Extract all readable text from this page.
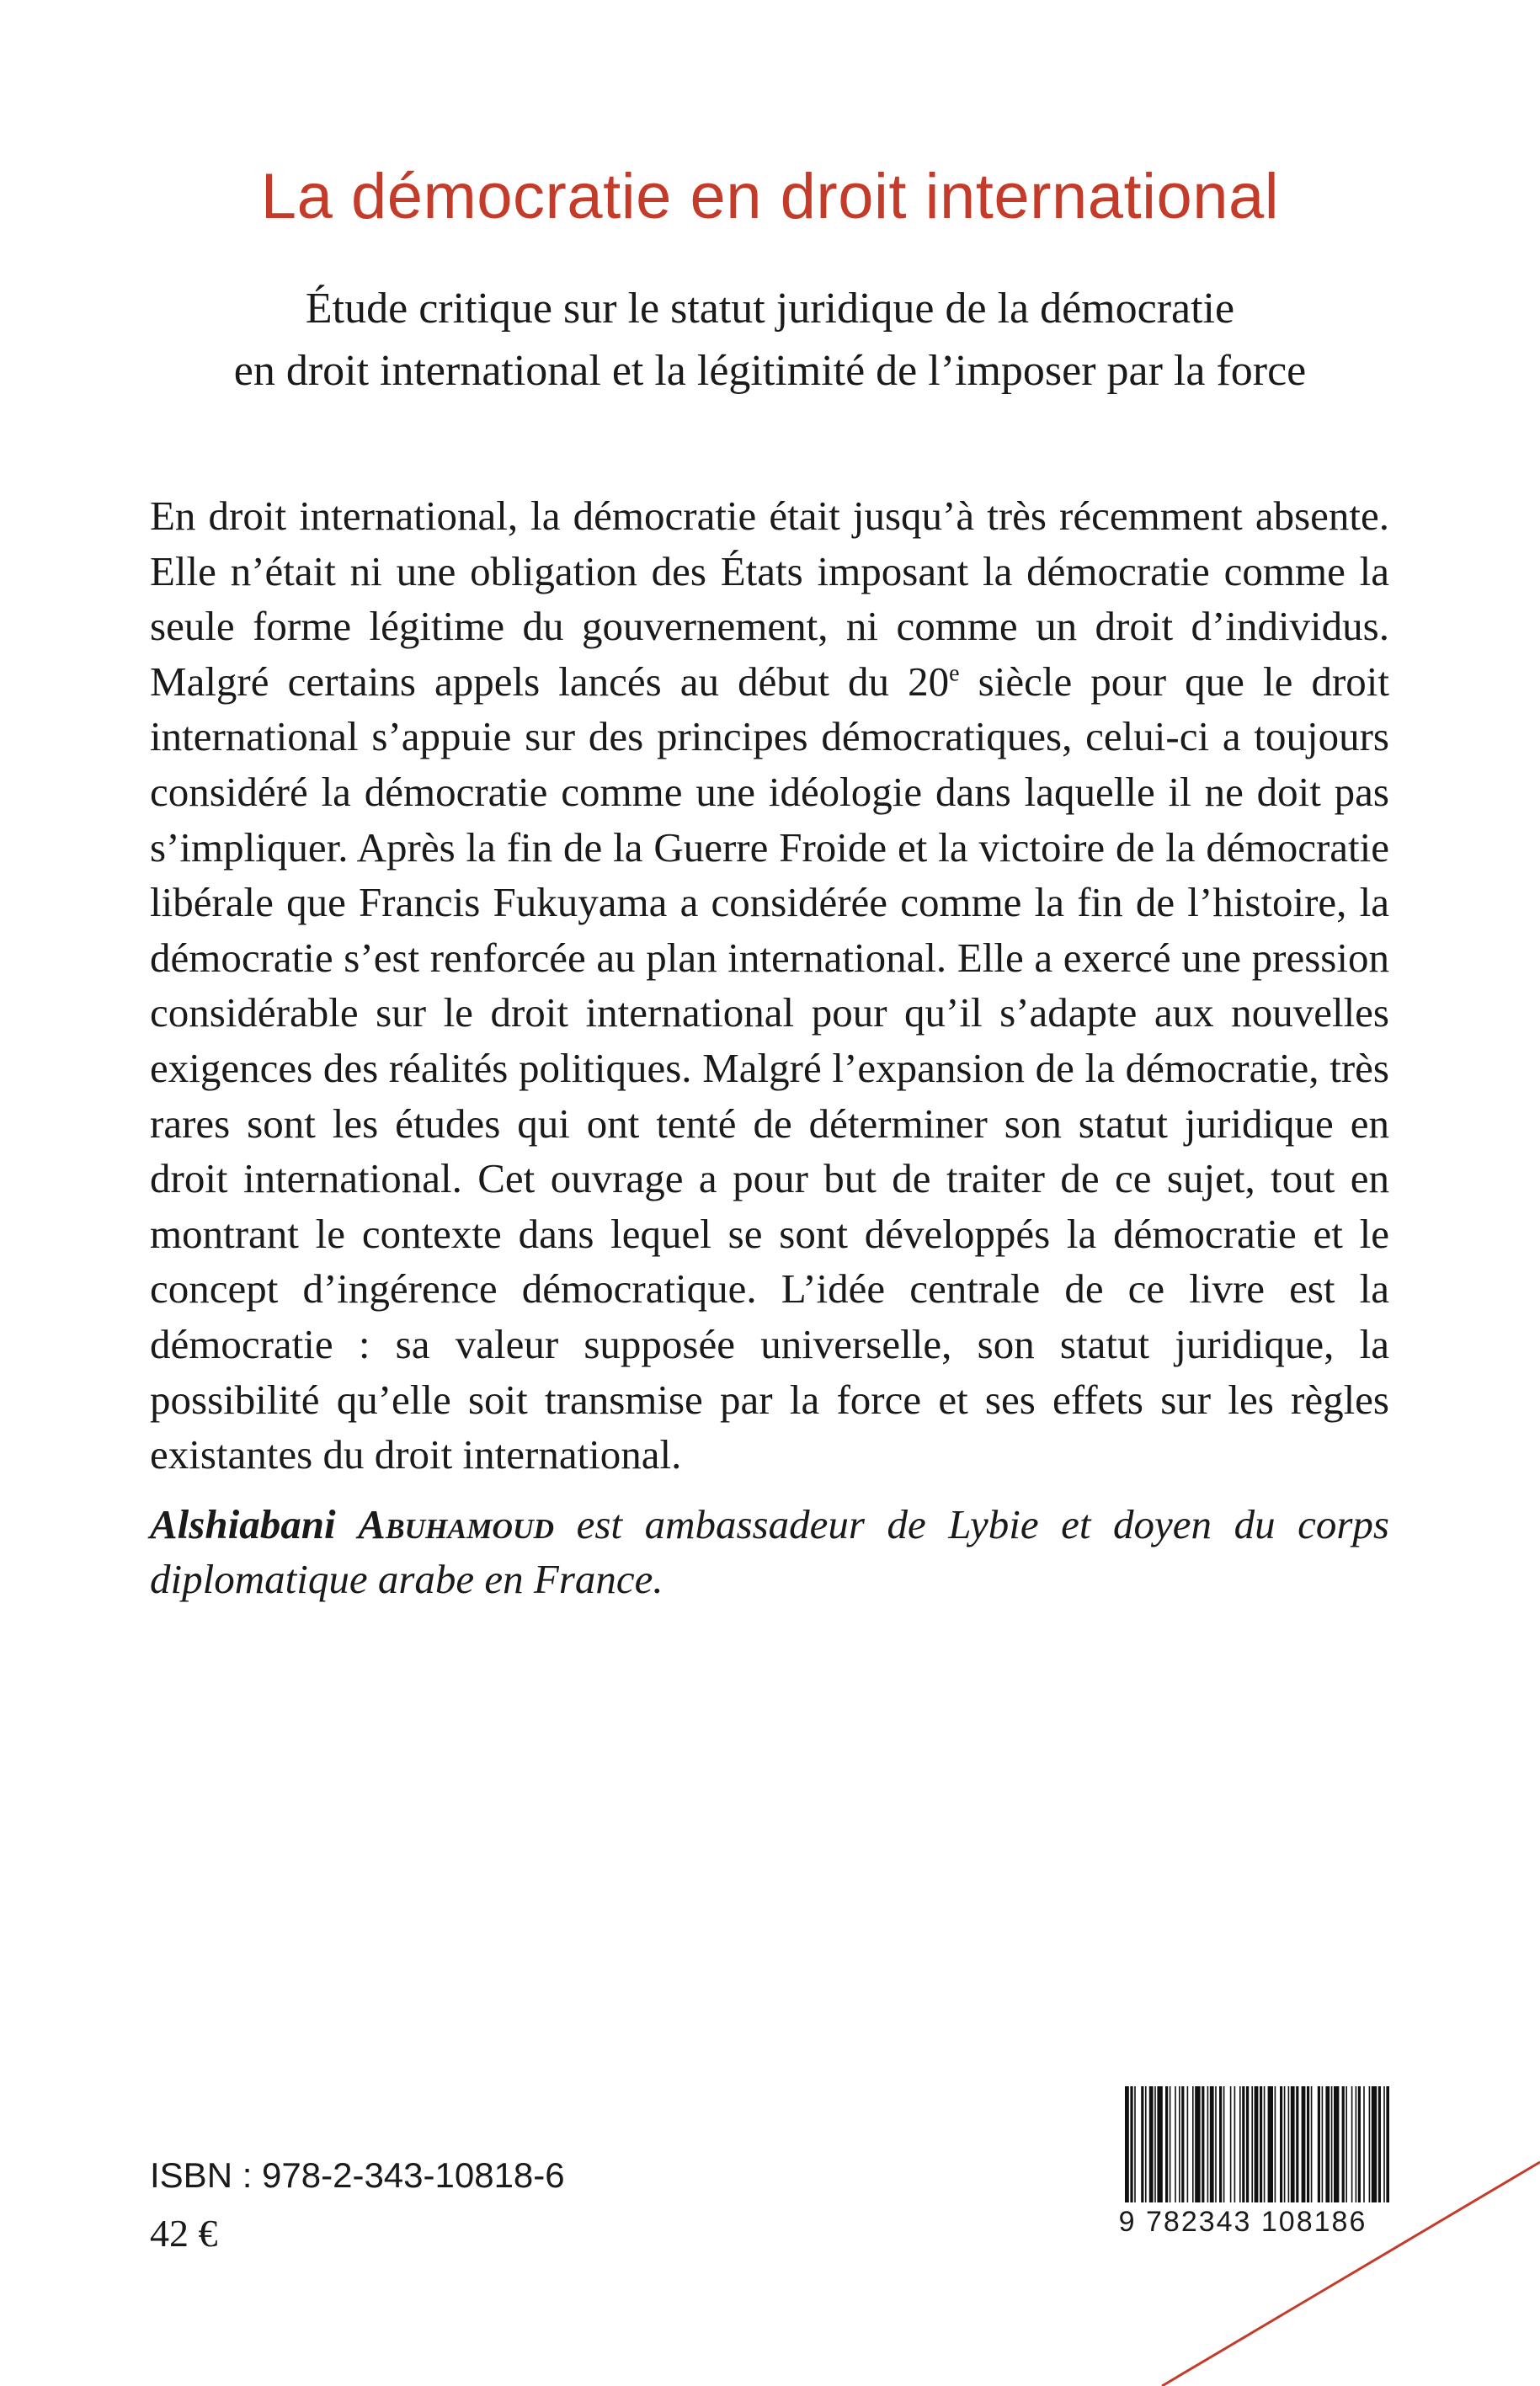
La démocratie en droit international
Étude critique sur le statut juridique de la démocratie
en droit international et la légitimité de l’imposer par la force

En droit international, la démocratie était jusqu’à très récemment absente. Elle n’était ni une obligation des États imposant la démocratie comme la seule forme légitime du gouvernement, ni comme un droit d’individus. Malgré certains appels lancés au début du 20e siècle pour que le droit international s’appuie sur des principes démocratiques, celui-ci a toujours considéré la démocratie comme une idéologie dans laquelle il ne doit pas s’impliquer. Après la fin de la Guerre Froide et la victoire de la démocratie libérale que Francis Fukuyama a considérée comme la fin de l’histoire, la démocratie s’est renforcée au plan international. Elle a exercé une pression considérable sur le droit international pour qu’il s’adapte aux nouvelles exigences des réalités politiques. Malgré l’expansion de la démocratie, très rares sont les études qui ont tenté de déterminer son statut juridique en droit international. Cet ouvrage a pour but de traiter de ce sujet, tout en montrant le contexte dans lequel se sont développés la démocratie et le concept d’ingérence démocratique. L’idée centrale de ce livre est la démocratie : sa valeur supposée universelle, son statut juridique, la possibilité qu’elle soit transmise par la force et ses effets sur les règles existantes du droit international.

Alshiabani Abuhamoud est ambassadeur de Lybie et doyen du corps diplomatique arabe en France.

ISBN : 978-2-343-10818-6
42 €	9 782343 108186
